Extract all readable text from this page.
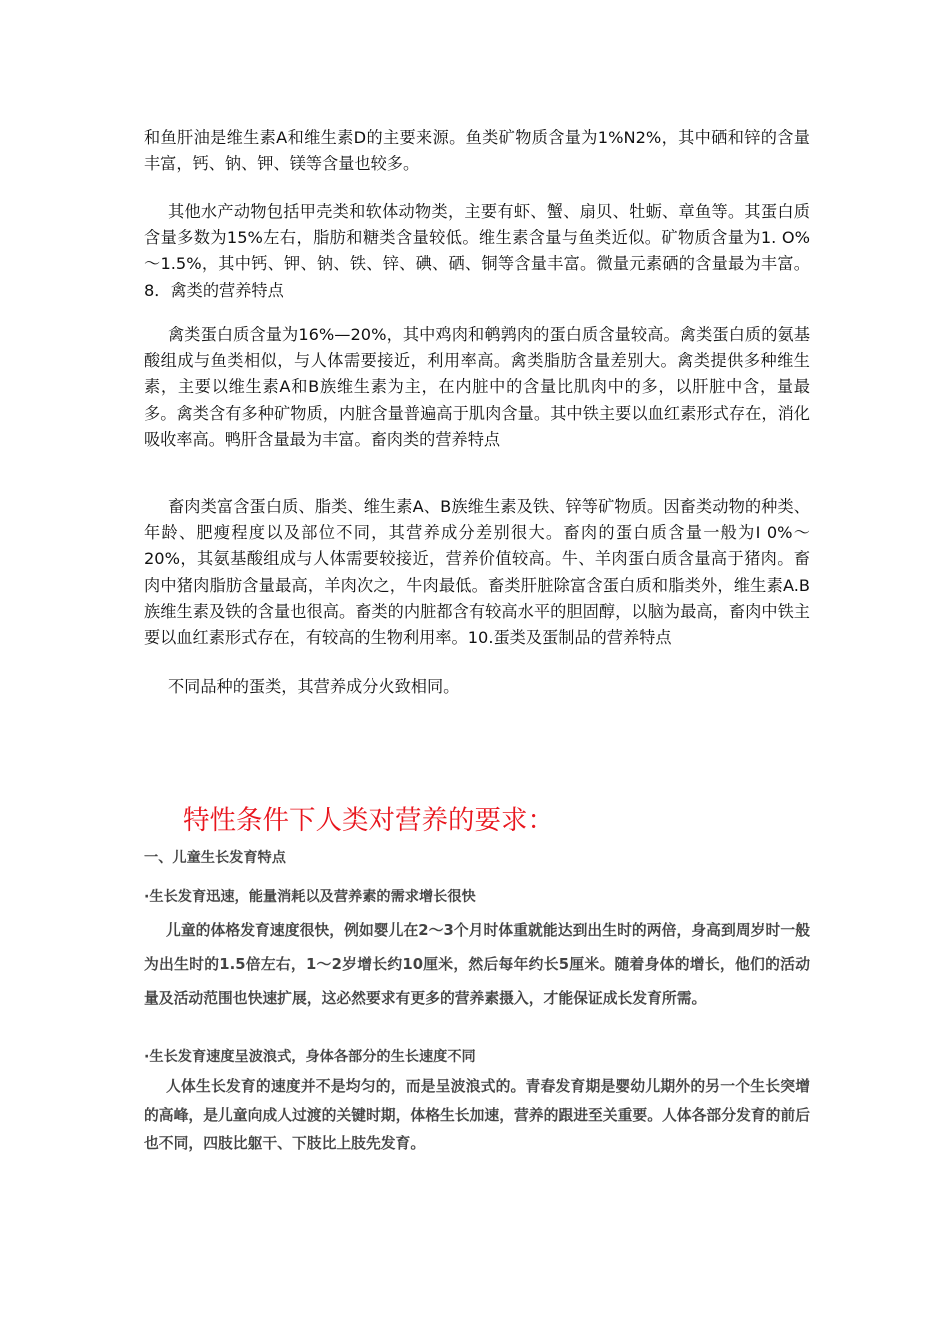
和鱼肝油是维生素A和维生素D的主要来源。鱼类矿物质含量为1%N2%，其中硒和锌的含量丰富，钙、钠、钾、镁等含量也较多。

其他水产动物包括甲壳类和软体动物类，主要有虾、蟹、扇贝、牡蛎、章鱼等。其蛋白质含量多数为15%左右，脂肪和糖类含量较低。维生素含量与鱼类近似。矿物质含量为1. O%～1.5%，其中钙、钾、钠、铁、锌、碘、硒、铜等含量丰富。微量元素硒的含量最为丰富。8．禽类的营养特点

禽类蛋白质含量为16%—20%，其中鸡肉和鹌鹑肉的蛋白质含量较高。禽类蛋白质的氨基酸组成与鱼类相似，与人体需要接近，利用率高。禽类脂肪含量差别大。禽类提供多种维生素，主要以维生素A和B族维生素为主，在内脏中的含量比肌肉中的多，以肝脏中含，量最多。禽类含有多种矿物质，内脏含量普遍高于肌肉含量。其中铁主要以血红素形式存在，消化吸收率高。鸭肝含量最为丰富。畜肉类的营养特点

畜肉类富含蛋白质、脂类、维生素A、B族维生素及铁、锌等矿物质。因畜类动物的种类、年龄、肥瘦程度以及部位不同，其营养成分差别很大。畜肉的蛋白质含量一般为I 0%～20%，其氨基酸组成与人体需要较接近，营养价值较高。牛、羊肉蛋白质含量高于猪肉。畜肉中猪肉脂肪含量最高，羊肉次之，牛肉最低。畜类肝脏除富含蛋白质和脂类外，维生素A.B族维生素及铁的含量也很高。畜类的内脏都含有较高水平的胆固醇，以脑为最高，畜肉中铁主要以血红素形式存在，有较高的生物利用率。10.蛋类及蛋制品的营养特点

不同品种的蛋类，其营养成分火致相同。

特性条件下人类对营养的要求：

一、儿童生长发育特点

·生长发育迅速，能量消耗以及营养素的需求增长很快

儿童的体格发育速度很快，例如婴儿在2～3个月时体重就能达到出生时的两倍，身高到周岁时一般为出生时的1.5倍左右，1～2岁增长约10厘米，然后每年约长5厘米。随着身体的增长，他们的活动量及活动范围也快速扩展，这必然要求有更多的营养素摄入，才能保证成长发育所需。

·生长发育速度呈波浪式，身体各部分的生长速度不同

人体生长发育的速度并不是均匀的，而是呈波浪式的。青春发育期是婴幼儿期外的另一个生长突增的高峰，是儿童向成人过渡的关键时期，体格生长加速，营养的跟进至关重要。人体各部分发育的前后也不同，四肢比躯干、下肢比上肢先发育。
